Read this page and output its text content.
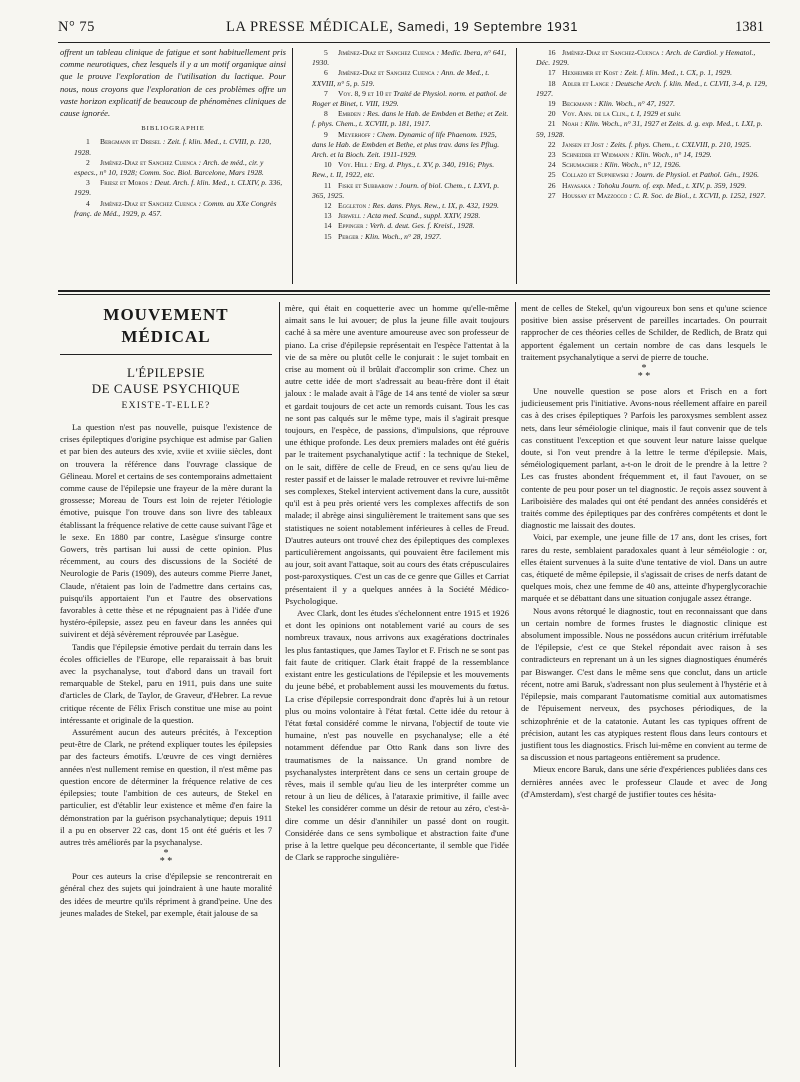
N° 75	LA PRESSE MÉDICALE, Samedi, 19 Septembre 1931	1381

offrent un tableau clinique de fatigue et sont habituellement pris comme neurotiques, chez lesquels il y a un motif organique ainsi que le prouve l'exploration de l'utilisation du lactique. Pour nous, nous croyons que l'exploration de ces problèmes offre un vaste horizon explicatif de beaucoup de phénomènes cliniques de cause ignorée.

BIBLIOGRAPHIE

1 Bergmann et Dresel : Zeit. f. klin. Med., t. CVIII, p. 120, 1928.

2 Jiménez-Diaz et Sanchez Cuenca : Arch. de méd., cir. y especs., n° 10, 1928; Comm. Soc. Biol. Barcelone, Mars 1928.

3 Friesz et Moros : Deut. Arch. f. klin. Med., t. CLXIV, p. 336, 1929.

4 Jiménez-Diaz et Sanchez Cuenca : Comm. au XXe Congrès franç. de Méd., 1929, p. 457.

5 Jiménez-Diaz et Sanchez Cuenca : Medic. Ibera, n° 641, 1930.

6 Jiménez-Diaz et Sanchez Cuenca : Ann. de Med., t. XXVIII, n° 5, p. 519.

7 Voy. 8, 9 et 10 et Traité de Physiol. norm. et pathol. de Roger et Binet, t. VIII, 1929.

8 Embden : Res. dans le Hab. de Embden et Bethe; et Zeit. f. phys. Chem., t. XCVIII, p. 181, 1917.

9 Meyerhoff : Chem. Dynamic of life Phaenom. 1925, dans le Hab. de Embden et Bethe, et plus trav. dans les Pflug. Arch. et la Bioch. Zeit. 1911-1929.

10 Voy. Hill : Erg. d. Phys., t. XV, p. 340, 1916; Phys. Rew., t. II, 1922, etc.

11 Fiske et Subbarow : Journ. of biol. Chem., t. LXVI, p. 365, 1925.

12 Eggleton : Res. dans. Phys. Rew., t. IX, p. 432, 1929.

13 Jerwell : Acta med. Scand., suppl. XXIV, 1928.

14 Eppinger : Verh. d. deut. Ges. f. Kreisl., 1928.

15 Perger : Klin. Woch., n° 28, 1927.

16 Jiménez-Diaz et Sanchez-Cuenca : Arch. de Cardiol. y Hematol., Déc. 1929.

17 Hexheimer et Kost : Zeit. f. klin. Med., t. CX, p. 1, 1929.

18 Adler et Lange : Deutsche Arch. f. klin. Med., t. CLVII, 3-4, p. 129, 1927.

19 Beckmann : Klin. Woch., n° 47, 1927.

20 Voy. Ann. de la Clin., t. I, 1929 et suiv.

21 Noah : Klin. Woch., n° 31, 1927 et Zeits. d. g. exp. Med., t. LXI, p. 59, 1928.

22 Jansen et Jost : Zeits. f. phys. Chem., t. CXLVIII, p. 210, 1925.

23 Schneider et Widmann : Klin. Woch., n° 14, 1929.

24 Schumacher : Klin. Woch., n° 12, 1926.

25 Collazo et Supniewski : Journ. de Physiol. et Pathol. Gén., 1926.

26 Hayasaka : Tohoku Journ. of. exp. Med., t. XIV, p. 359, 1929.

27 Houssay et Mazzocco : C. R. Soc. de Biol., t. XCVII, p. 1252, 1927.

MOUVEMENT MÉDICAL
L'ÉPILEPSIE
DE CAUSE PSYCHIQUE
EXISTE-T-ELLE?

La question n'est pas nouvelle, puisque l'existence de crises épileptiques d'origine psychique est admise par Galien et par bien des auteurs des xvie, xviie et xviiie siècles, dont on trouvera la référence dans l'ouvrage classique de Gélineau. Morel et certains de ses contemporains admettaient comme cause de l'épilepsie une frayeur de la mère durant la grossesse; Moreau de Tours est loin de rejeter l'étiologie émotive, puisque l'on trouve dans son livre des tableaux établissant la fréquence relative de cette cause suivant l'âge et le sexe. En 1880 par contre, Lasègue s'insurge contre Gowers, très partisan lui aussi de cette opinion. Plus récemment, au cours des discussions de la Société de Neurologie de Paris (1909), des auteurs comme Pierre Janet, Claude, n'étaient pas loin de l'admettre dans certains cas, puisqu'ils apportaient l'un et l'autre des observations favorables à cette thèse et ne répugnaient pas à l'idée d'une hystéro-épilepsie, assez peu en faveur dans les années qui suivirent et déjà sévèrement réprouvée par Lasègue.

Tandis que l'épilepsie émotive perdait du terrain dans les écoles officielles de l'Europe, elle reparaissait à bas bruit avec la psychanalyse, tout d'abord dans un travail fort remarquable de Stekel, paru en 1911, puis dans une suite d'articles de Clark, de Taylor, de Graveur, d'Hebrer. La revue critique récente de Félix Frisch constitue une mise au point intéressante et originale de la question.

Assurément aucun des auteurs précités, à l'exception peut-être de Clark, ne prétend expliquer toutes les épilepsies par des facteurs émotifs. L'œuvre de ces vingt dernières années n'est nullement remise en question, il n'est même pas question encore de déterminer la fréquence relative de ces épilepsies; toute l'ambition de ces auteurs, de Stekel en particulier, est d'établir leur existence et même d'en faire la démonstration par la guérison psychanalytique; depuis 1911 il a pu en observer 22 cas, dont 15 ont été guéris et les 7 autres très améliorés par la psychanalyse.

*
* *

Pour ces auteurs la crise d'épilepsie se rencontrerait en général chez des sujets qui joindraient à une haute moralité des idées de meurtre qu'ils répriment à grand'peine. Une des jeunes malades de Stekel, par exemple, était jalouse de sa

mère, qui était en coquetterie avec un homme qu'elle-même aimait sans le lui avouer; de plus la jeune fille avait toujours caché à sa mère une aventure amoureuse avec son professeur de piano. La crise d'épilepsie représentait en l'espèce l'attentat à la vie de sa mère ou plutôt celle le conjurait : le sujet tombait en crise au moment où il brûlait d'accomplir son crime. Chez un autre cette idée de mort s'adressait au beau-frère dont il était jaloux : le malade avait à l'âge de 14 ans tenté de violer sa sœur et gardait toujours de cet acte un remords cuisant. Tous les cas ne sont pas calqués sur le même type, mais il s'agirait presque toujours, en l'espèce, de passions, d'impulsions, que réprouve une éthique profonde. Les deux premiers malades ont été guéris par le traitement psychanalytique actif : la technique de Stekel, on le sait, diffère de celle de Freud, en ce sens qu'au lieu de rester passif et de laisser le malade retrouver et revivre lui-même ses complexes, Stekel intervient activement dans la cure, aussitôt qu'il est à peu près orienté vers les complexes affectifs de son malade; il abrège ainsi singulièrement le traitement sans que ses statistiques ne soient notablement inférieures à celles de Freud. D'autres auteurs ont trouvé chez des épileptiques des complexes particulièrement angoissants, qui pouvaient être facilement mis au jour, soit avant l'attaque, soit au cours des états crépusculaires post-paroxystiques. C'est un cas de ce genre que Gilles et Carriat présentaient il y a quelques années à la Société Médico-Psychologique.

Avec Clark, dont les études s'échelonnent entre 1915 et 1926 et dont les opinions ont notablement varié au cours de ses nombreux travaux, nous arrivons aux exagérations doctrinales les plus fantastiques, que James Taylor et F. Frisch ne se sont pas fait faute de critiquer. Clark était frappé de la ressemblance existant entre les gesticulations de l'épilepsie et les mouvements du jeune bébé, et probablement aussi les mouvements du fœtus. La crise d'épilepsie correspondrait donc d'après lui à un retour plus ou moins volontaire à l'état fœtal. Cette idée du retour à l'état fœtal considéré comme le nirvana, l'objectif de toute vie humaine, n'est pas nouvelle en psychanalyse; elle a été notamment défendue par Otto Rank dans son livre des traumatismes de la naissance. Un grand nombre de psychanalystes interprètent dans ce sens un certain groupe de rêves, mais il semble qu'au lieu de les interpréter comme un retour à un lieu de délices, à l'ataraxie primitive, il faille avec Stekel les considérer comme un désir de retour au zéro, c'est-à-dire comme un désir d'annihiler un passé dont on rougit. Considérée dans ce sens symbolique et abstraction faite d'une prise à la lettre quelque peu déconcertante, il semble que l'idée de Clark se rapproche singulière-

ment de celles de Stekel, qu'un vigoureux bon sens et qu'une science positive bien assise préservent de pareilles incartades. On pourrait rapprocher de ces théories celles de Schilder, de Redlich, de Bratz qui apportent également un certain nombre de cas dans lesquels le traitement psychanalytique a servi de pierre de touche.

*
* *

Une nouvelle question se pose alors et Frisch en a fort judicieusement pris l'initiative. Avons-nous réellement affaire en pareil cas à des crises épileptiques ? Parfois les paroxysmes semblent assez nets, dans leur séméiologie clinique, mais il faut convenir que de tels cas constituent l'exception et que souvent leur nature laisse quelque doute, si l'on veut prendre à la lettre le terme d'épilepsie. Mais, séméiologiquement parlant, a-t-on le droit de le prendre à la lettre ? Les cas frustes abondent fréquemment et, il faut l'avouer, on se contente de peu pour poser un tel diagnostic. Je reçois assez souvent à Lariboisière des malades qui ont été pendant des années considérés et traités comme des épileptiques par des confrères compétents et dont le diagnostic me laissait des doutes.

Voici, par exemple, une jeune fille de 17 ans, dont les crises, fort rares du reste, semblaient paradoxales quant à leur séméiologie : or, elles étaient survenues à la suite d'une tentative de viol. Dans un autre cas, étiqueté de même épilepsie, il s'agissait de crises de nerfs datant de quelques mois, chez une femme de 40 ans, atteinte d'hyperglycorachie marquée et se débattant dans une situation conjugale assez étrange.

Nous avons rétorqué le diagnostic, tout en reconnaissant que dans un certain nombre de formes frustes le diagnostic clinique est absolument impossible. Nous ne possédons aucun critérium irréfutable de l'épilepsie, c'est ce que Stekel répondait avec raison à ses contradicteurs en reprenant un à un les signes diagnostiques énumérés par Biswanger. C'est dans le même sens que conclut, dans un article récent, notre ami Baruk, s'adressant non plus seulement à l'hystérie et à l'épilepsie, mais comparant l'automatisme comitial aux automatismes de l'épuisement nerveux, des psychoses périodiques, de la schizophrénie et de la catatonie. Autant les cas typiques offrent de précision, autant les cas atypiques restent flous dans leurs contours et justifient tous les diagnostics. Frisch lui-même en convient au terme de sa discussion et nous partageons entièrement sa prudence.

Mieux encore Baruk, dans une série d'expériences publiées dans ces dernières années avec le professeur Claude et avec de Jong (d'Amsterdam), s'est chargé de justifier toutes ces hésita-
